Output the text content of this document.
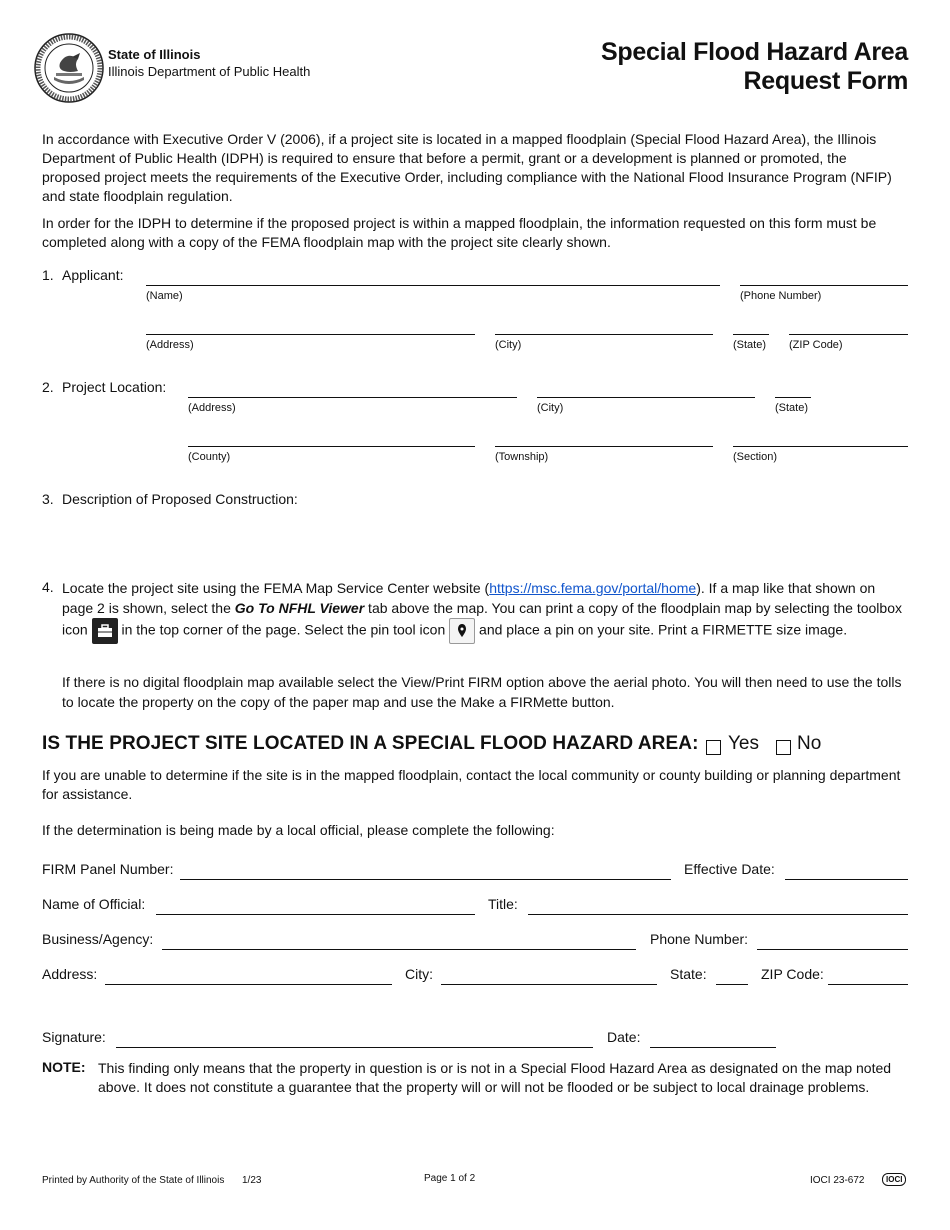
State of Illinois
Illinois Department of Public Health
Special Flood Hazard Area
Request Form
In accordance with Executive Order V (2006), if a project site is located in a mapped floodplain (Special Flood Hazard Area), the Illinois Department of Public Health (IDPH) is required to ensure that before a permit, grant or a development is planned or promoted, the proposed project meets the requirements of the Executive Order, including compliance with the National Flood Insurance Program (NFIP) and state floodplain regulation.
In order for the IDPH to determine if the proposed project is within a mapped floodplain, the information requested on this form must be completed along with a copy of the FEMA floodplain map with the project site clearly shown.
1. Applicant:
(Name)	(Phone Number)
(Address)	(City)	(State) (ZIP Code)
2. Project Location:
(Address)	(City)	(State)
(County)	(Township)	(Section)
3. Description of Proposed Construction:
4. Locate the project site using the FEMA Map Service Center website (https://msc.fema.gov/portal/home). If a map like that shown on page 2 is shown, select the Go To NFHL Viewer tab above the map. You can print a copy of the floodplain map by selecting the toolbox icon  in the top corner of the page. Select the pin tool icon  and place a pin on your site. Print a FIRMETTE size image.
If there is no digital floodplain map available select the View/Print FIRM option above the aerial photo. You will then need to use the tolls to locate the property on the copy of the paper map and use the Make a FIRMette button.
IS THE PROJECT SITE LOCATED IN A SPECIAL FLOOD HAZARD AREA: Yes No
If you are unable to determine if the site is in the mapped floodplain, contact the local community or county building or planning department for assistance.
If the determination is being made by a local official, please complete the following:
FIRM Panel Number:	Effective Date:
Name of Official:	Title:
Business/Agency:	Phone Number:
Address:	City:	State:	ZIP Code:
Signature:	Date:
NOTE: This finding only means that the property in question is or is not in a Special Flood Hazard Area as designated on the map noted above. It does not constitute a guarantee that the property will or will not be flooded or be subject to local drainage problems.
Printed by Authority of the State of Illinois 1/23	Page 1 of 2	IOCI 23-672	IOCI
